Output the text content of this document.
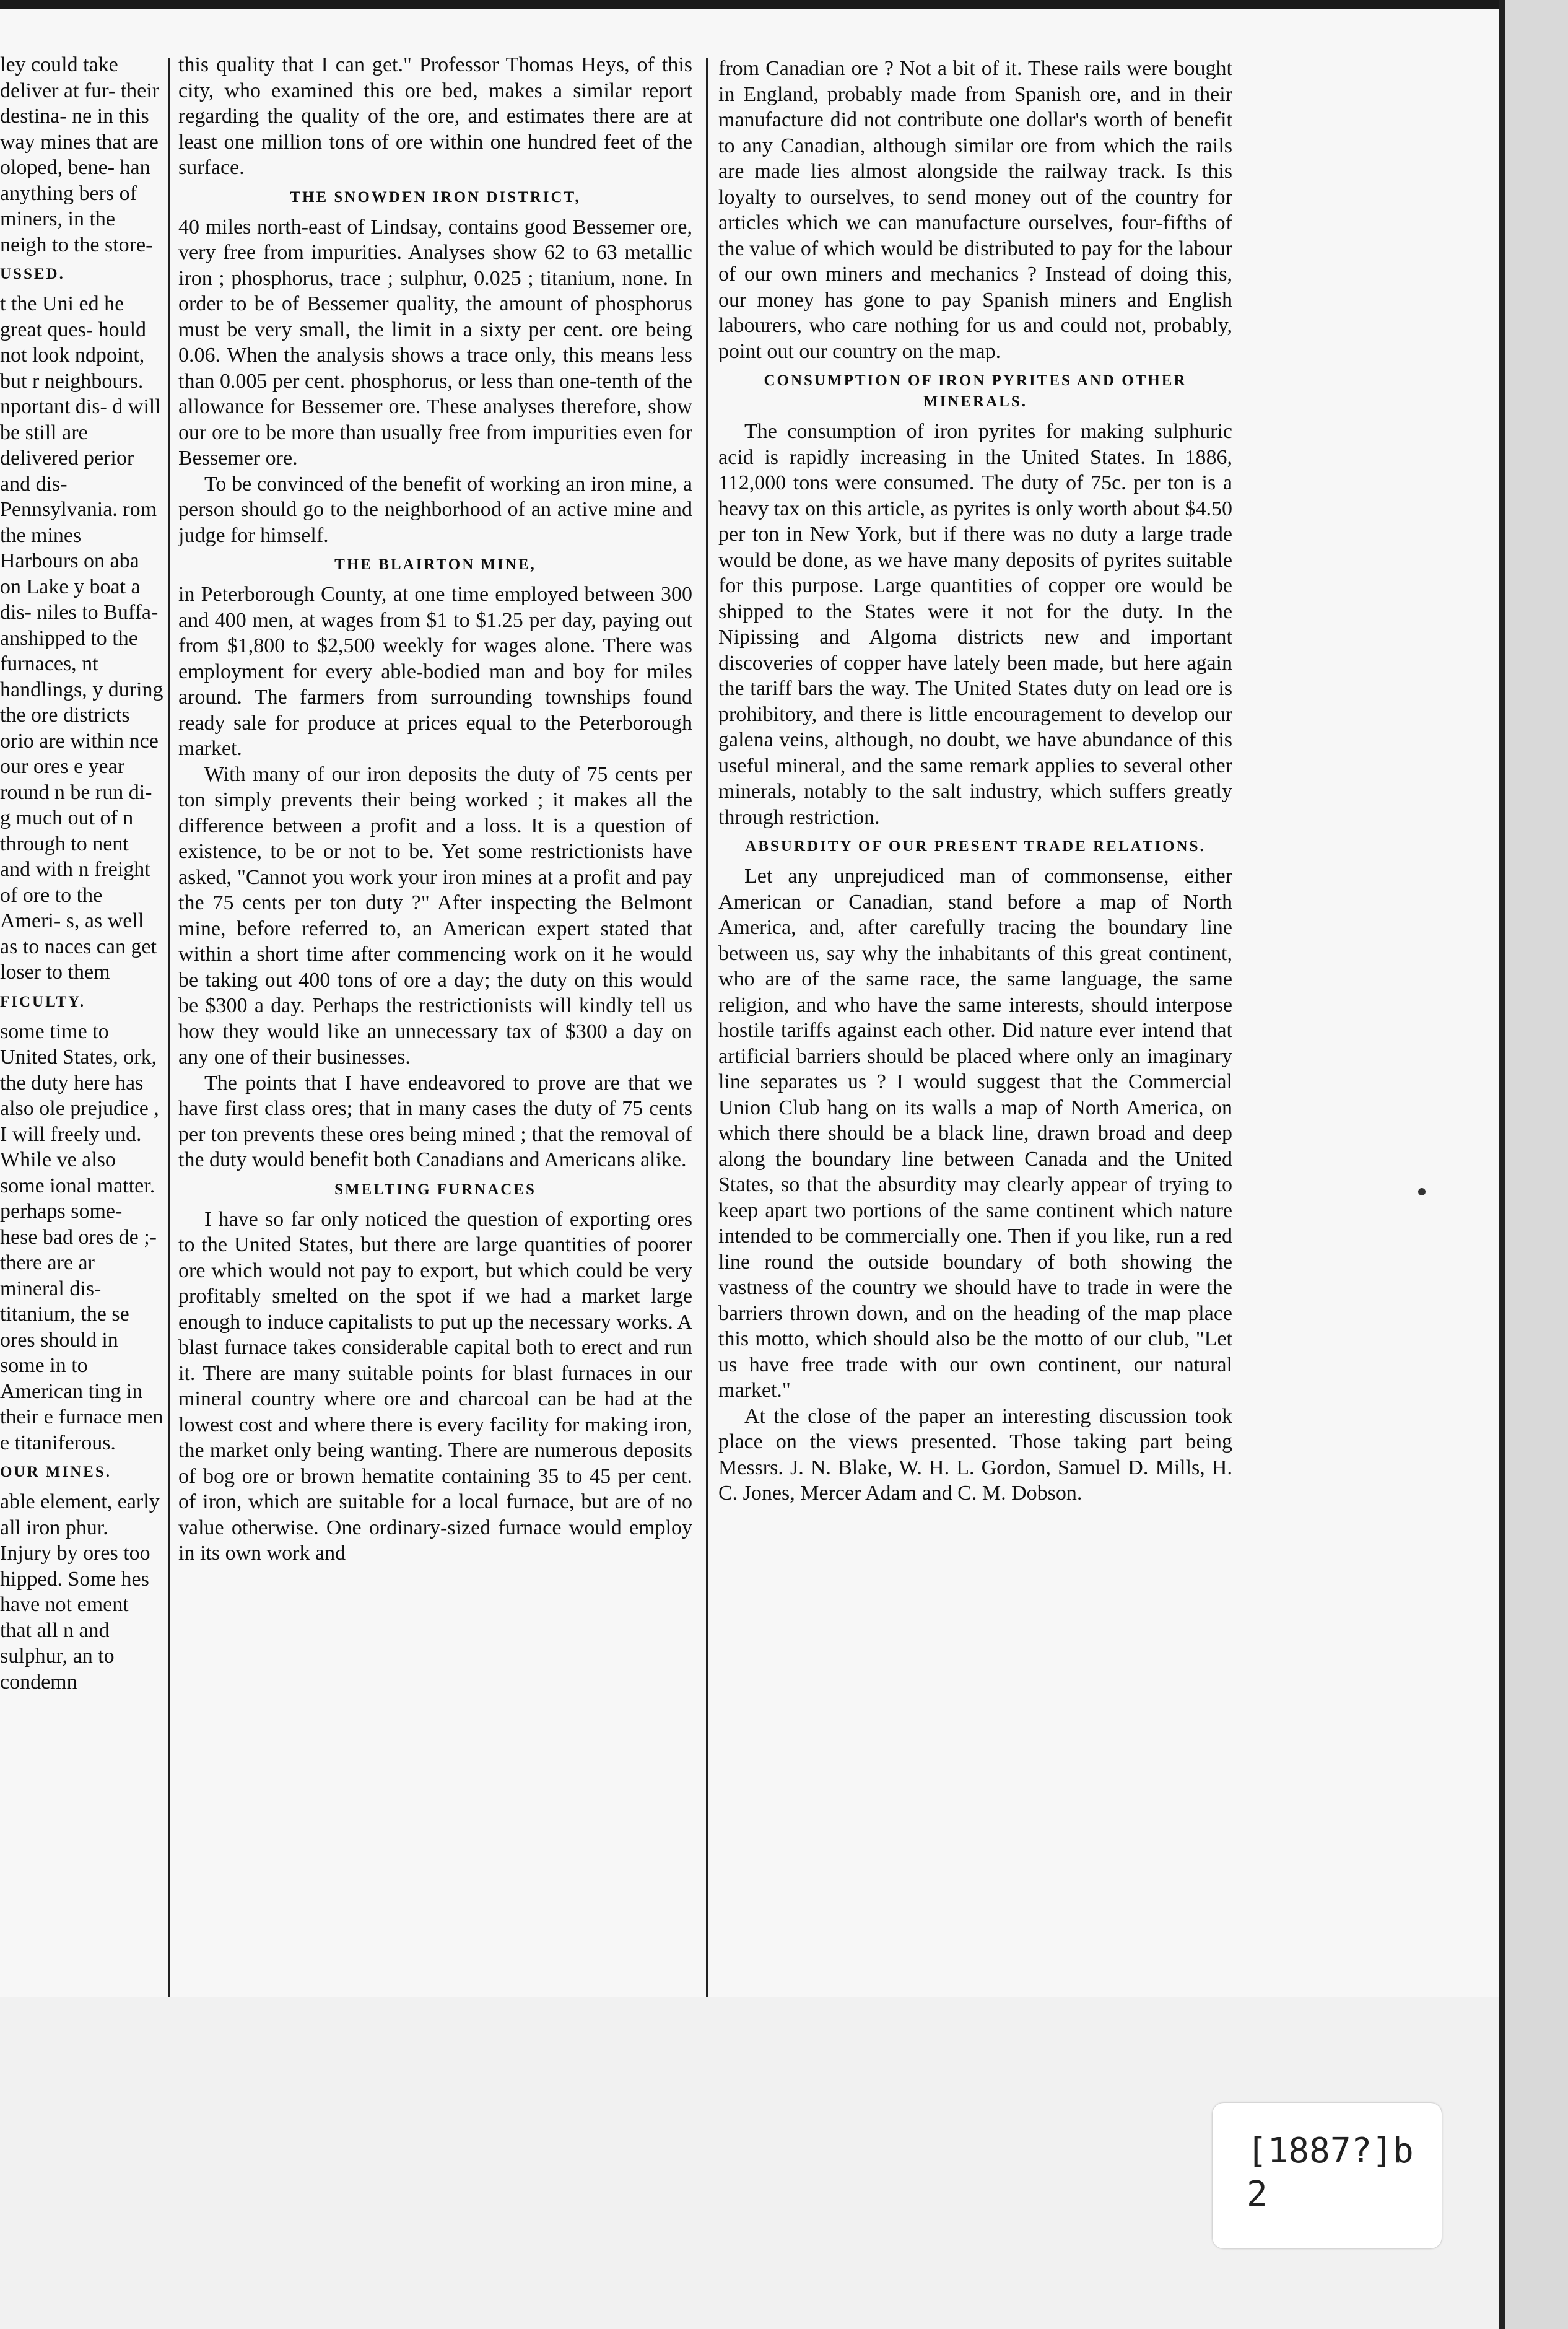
ley could take deliver at fur- their destina- ne in this way mines that are oloped, bene- han anything bers of miners, in the neigh to the store-

USSED.

t the Uni ed he great ques- hould not look ndpoint, but r neighbours. nportant dis- d will be still are delivered perior and dis- Pennsylvania. rom the mines Harbours on aba on Lake y boat a dis- niles to Buffa- anshipped to the furnaces, nt handlings, y during the ore districts orio are within nce our ores e year round n be run di- g much out of n through to nent and with n freight of ore to the Ameri- s, as well as to naces can get loser to them

FICULTY.

some time to United States, ork, the duty here has also ole prejudice , I will freely und. While ve also some ional matter. perhaps some- hese bad ores de ;- there are ar mineral dis- titanium, the se ores should in some in to American ting in their e furnace men e titaniferous.

OUR MINES.

able element, early all iron phur. Injury by ores too hipped. Some hes have not ement that all n and sulphur, an to condemn

this quality that I can get." Professor Thomas Heys, of this city, who examined this ore bed, makes a similar report regarding the quality of the ore, and estimates there are at least one million tons of ore within one hundred feet of the surface.

THE SNOWDEN IRON DISTRICT,

40 miles north-east of Lindsay, contains good Bessemer ore, very free from impurities. Analyses show 62 to 63 metallic iron ; phosphorus, trace ; sulphur, 0.025 ; titanium, none. In order to be of Bessemer quality, the amount of phosphorus must be very small, the limit in a sixty per cent. ore being 0.06. When the analysis shows a trace only, this means less than 0.005 per cent. phosphorus, or less than one-tenth of the allowance for Bessemer ore. These analyses therefore, show our ore to be more than usually free from impurities even for Bessemer ore.

To be convinced of the benefit of working an iron mine, a person should go to the neighborhood of an active mine and judge for himself.

THE BLAIRTON MINE,

in Peterborough County, at one time employed between 300 and 400 men, at wages from $1 to $1.25 per day, paying out from $1,800 to $2,500 weekly for wages alone. There was employment for every able-bodied man and boy for miles around. The farmers from surrounding townships found ready sale for produce at prices equal to the Peterborough market.

With many of our iron deposits the duty of 75 cents per ton simply prevents their being worked ; it makes all the difference between a profit and a loss. It is a question of existence, to be or not to be. Yet some restrictionists have asked, "Cannot you work your iron mines at a profit and pay the 75 cents per ton duty ?" After inspecting the Belmont mine, before referred to, an American expert stated that within a short time after commencing work on it he would be taking out 400 tons of ore a day; the duty on this would be $300 a day. Perhaps the restrictionists will kindly tell us how they would like an unnecessary tax of $300 a day on any one of their businesses.

The points that I have endeavored to prove are that we have first class ores; that in many cases the duty of 75 cents per ton prevents these ores being mined ; that the removal of the duty would benefit both Canadians and Americans alike.

SMELTING FURNACES

I have so far only noticed the question of exporting ores to the United States, but there are large quantities of poorer ore which would not pay to export, but which could be very profitably smelted on the spot if we had a market large enough to induce capitalists to put up the necessary works. A blast furnace takes considerable capital both to erect and run it. There are many suitable points for blast furnaces in our mineral country where ore and charcoal can be had at the lowest cost and where there is every facility for making iron, the market only being wanting. There are numerous deposits of bog ore or brown hematite containing 35 to 45 per cent. of iron, which are suitable for a local furnace, but are of no value otherwise. One ordinary-sized furnace would employ in its own work and

from Canadian ore ? Not a bit of it. These rails were bought in England, probably made from Spanish ore, and in their manufacture did not contribute one dollar's worth of benefit to any Canadian, although similar ore from which the rails are made lies almost alongside the railway track. Is this loyalty to ourselves, to send money out of the country for articles which we can manufacture ourselves, four-fifths of the value of which would be distributed to pay for the labour of our own miners and mechanics ? Instead of doing this, our money has gone to pay Spanish miners and English labourers, who care nothing for us and could not, probably, point out our country on the map.

CONSUMPTION OF IRON PYRITES AND OTHER MINERALS.

The consumption of iron pyrites for making sulphuric acid is rapidly increasing in the United States. In 1886, 112,000 tons were consumed. The duty of 75c. per ton is a heavy tax on this article, as pyrites is only worth about $4.50 per ton in New York, but if there was no duty a large trade would be done, as we have many deposits of pyrites suitable for this purpose. Large quantities of copper ore would be shipped to the States were it not for the duty. In the Nipissing and Algoma districts new and important discoveries of copper have lately been made, but here again the tariff bars the way. The United States duty on lead ore is prohibitory, and there is little encouragement to develop our galena veins, although, no doubt, we have abundance of this useful mineral, and the same remark applies to several other minerals, notably to the salt industry, which suffers greatly through restriction.

ABSURDITY OF OUR PRESENT TRADE RELATIONS.

Let any unprejudiced man of commonsense, either American or Canadian, stand before a map of North America, and, after carefully tracing the boundary line between us, say why the inhabitants of this great continent, who are of the same race, the same language, the same religion, and who have the same interests, should interpose hostile tariffs against each other. Did nature ever intend that artificial barriers should be placed where only an imaginary line separates us ? I would suggest that the Commercial Union Club hang on its walls a map of North America, on which there should be a black line, drawn broad and deep along the boundary line between Canada and the United States, so that the absurdity may clearly appear of trying to keep apart two portions of the same continent which nature intended to be commercially one. Then if you like, run a red line round the outside boundary of both showing the vastness of the country we should have to trade in were the barriers thrown down, and on the heading of the map place this motto, which should also be the motto of our club, "Let us have free trade with our own continent, our natural market."

At the close of the paper an interesting discussion took place on the views presented. Those taking part being Messrs. J. N. Blake, W. H. L. Gordon, Samuel D. Mills, H. C. Jones, Mercer Adam and C. M. Dobson.

[1887?]b
2
